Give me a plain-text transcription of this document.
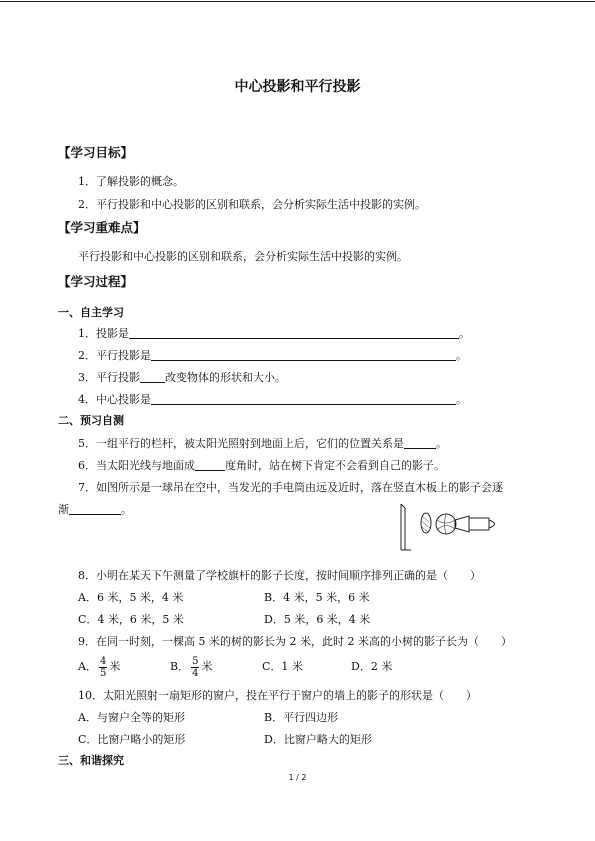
中心投影和平行投影
【学习目标】
1．了解投影的概念。
2．平行投影和中心投影的区别和联系，会分析实际生活中投影的实例。
【学习重难点】
平行投影和中心投影的区别和联系，会分析实际生活中投影的实例。
【学习过程】
一、自主学习
1．投影是	。
2．平行投影是	。
3．平行投影 改变物体的形状和大小。
4．中心投影是	。
二、预习自测
5．一组平行的栏杆，被太阳光照射到地面上后，它们的位置关系是	。
6．当太阳光线与地面成	度角时，站在树下肯定不会看到自己的影子。
7．如图所示是一球吊在空中，当发光的手电筒由远及近时，落在竖直木板上的影子会逐
渐	。
8．小明在某天下午测量了学校旗杆的影子长度，按时间顺序排列正确的是（　　）
A．6 米，5 米，4 米	B．4 米，5 米，6 米
C．4 米，6 米，5 米	D．5 米，6 米，4 米
9．在同一时刻，一棵高 5 米的树的影长为 2 米，此时 2 米高的小树的影子长为（　　）
A． $\frac{4}{5}$ 米	B． $\frac{5}{4}$ 米	C．1 米	D．2 米
10．太阳光照射一扇矩形的窗户，投在平行于窗户的墙上的影子的形状是（　　）
A．与窗户全等的矩形	B．平行四边形
C．比窗户略小的矩形	D．比窗户略大的矩形
三、和谐探究
1 / 2
